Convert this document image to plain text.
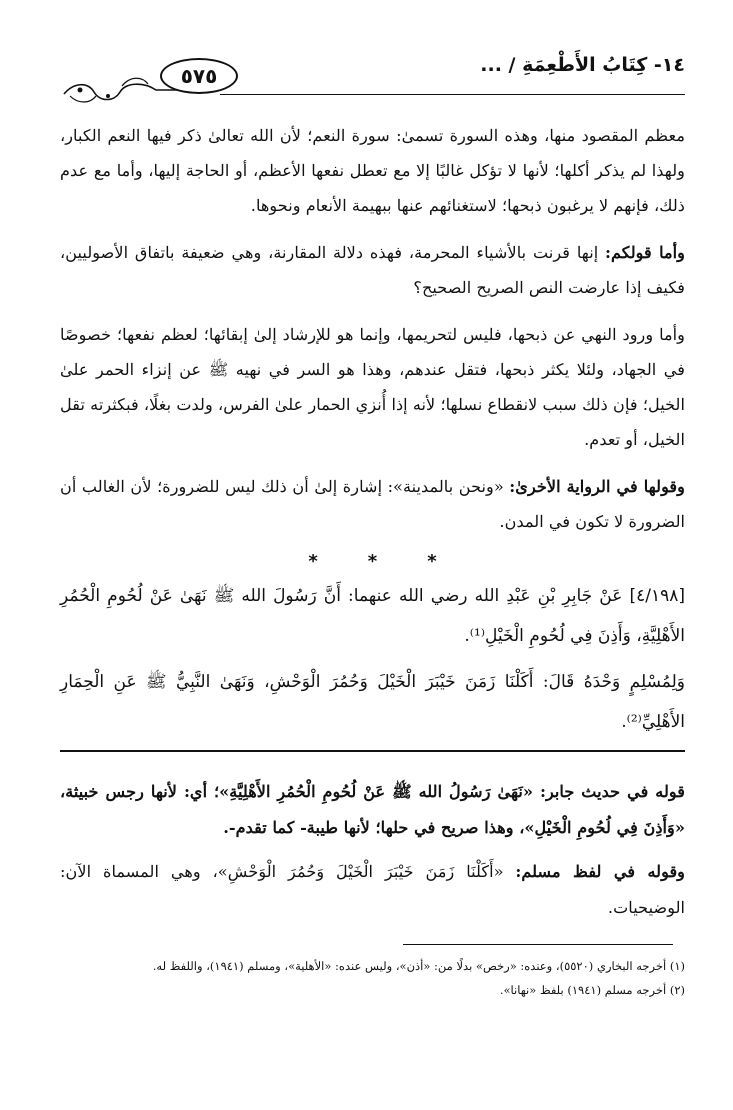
٥٧٥	١٤- كِتَابُ الأَطْعِمَةِ / ...

معظم المقصود منها، وهذه السورة تسمىٰ: سورة النعم؛ لأن الله تعالىٰ ذكر فيها النعم الكبار، ولهذا لم يذكر أكلها؛ لأنها لا تؤكل غالبًا إلا مع تعطل نفعها الأعظم، أو الحاجة إليها، وأما مع عدم ذلك، فإنهم لا يرغبون ذبحها؛ لاستغنائهم عنها ببهيمة الأنعام ونحوها.

وأما قولكم: إنها قرنت بالأشياء المحرمة، فهذه دلالة المقارنة، وهي ضعيفة باتفاق الأصوليين، فكيف إذا عارضت النص الصريح الصحيح؟

وأما ورود النهي عن ذبحها، فليس لتحريمها، وإنما هو للإرشاد إلىٰ إبقائها؛ لعظم نفعها؛ خصوصًا في الجهاد، ولئلا يكثر ذبحها، فتقل عندهم، وهذا هو السر في نهيه ﷺ عن إنزاء الحمر علىٰ الخيل؛ فإن ذلك سبب لانقطاع نسلها؛ لأنه إذا أُنزي الحمار علىٰ الفرس، ولدت بغلًا، فبكثرته تقل الخيل، أو تعدم.

وقولها في الرواية الأخرىٰ: «ونحن بالمدينة»: إشارة إلىٰ أن ذلك ليس للضرورة؛ لأن الغالب أن الضرورة لا تكون في المدن.

*
*
*

[٤/١٩٨] عَنْ جَابِرِ بْنِ عَبْدِ الله رضي الله عنهما: أَنَّ رَسُولَ الله ﷺ نَهَىٰ عَنْ لُحُومِ الْحُمُرِ الأَهْلِيَّةِ، وَأَذِنَ فِي لُحُومِ الْخَيْلِ⁽¹⁾.

وَلِمُسْلِمٍ وَحْدَهُ قَالَ: أَكَلْنَا زَمَنَ خَيْبَرَ الْخَيْلَ وَحُمُرَ الْوَحْشِ، وَنَهَىٰ النَّبِيُّ ﷺ عَنِ الْحِمَارِ الأَهْلِيِّ⁽²⁾.

قوله في حديث جابر: «نَهَىٰ رَسُولُ الله ﷺ عَنْ لُحُومِ الْحُمُرِ الأَهْلِيَّةِ»؛ أي: لأنها رجس خبيثة، «وَأَذِنَ فِي لُحُومِ الْخَيْلِ»، وهذا صريح في حلها؛ لأنها طيبة- كما تقدم-.

وقوله في لفظ مسلم: «أَكَلْنَا زَمَنَ خَيْبَرَ الْخَيْلَ وَحُمُرَ الْوَحْشِ»، وهي المسماة الآن: الوضيحيات.

(١) أخرجه البخاري (٥٥٢٠)، وعنده: «رخص» بدلًا من: «أذن»، وليس عنده: «الأهلية»، ومسلم (١٩٤١)، واللفظ له.
(٢) أخرجه مسلم (١٩٤١) بلفظ «نهانا».
